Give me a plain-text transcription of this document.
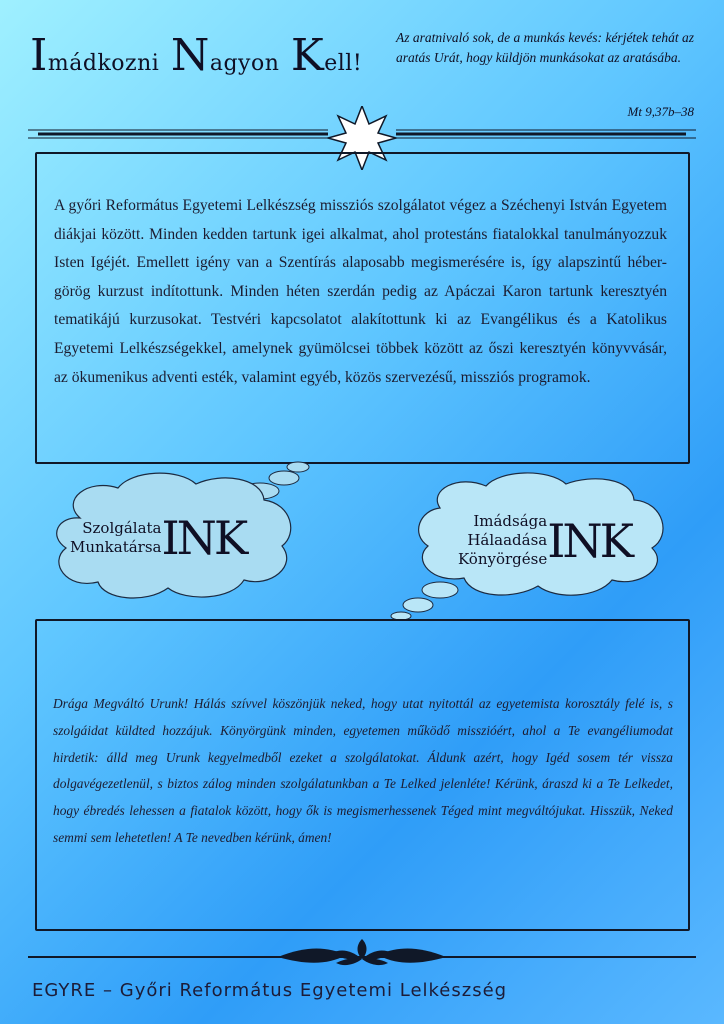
Imádkozni Nagyon Kell!
Az aratnivaló sok, de a munkás kevés: kérjétek tehát az aratás Urát, hogy küldjön munkásokat az aratásába.
Mt 9,37b–38

A győri Református Egyetemi Lelkészség missziós szolgálatot végez a Széchenyi István Egyetem diákjai között. Minden kedden tartunk igei alkalmat, ahol protestáns fiatalokkal tanulmányozzuk Isten Igéjét. Emellett igény van a Szentírás alaposabb megismerésére is, így alapszintű héber-görög kurzust indítottunk. Minden héten szerdán pedig az Apáczai Karon tartunk keresztyén tematikájú kurzusokat. Testvéri kapcsolatot alakítottunk ki az Evangélikus és a Katolikus Egyetemi Lelkészségekkel, amelynek gyümölcsei többek között az őszi keresztyén könyvvásár, az ökumenikus adventi esték, valamint egyéb, közös szervezésű, missziós programok.

Szolgálata
Munkatársa INK	Imádsága
Hálaadása
Könyörgése INK

Drága Megváltó Urunk! Hálás szívvel köszönjük neked, hogy utat nyitottál az egyetemista korosztály felé is, s szolgáidat küldted hozzájuk. Könyörgünk minden, egyetemen működő misszióért, ahol a Te evangéliumodat hirdetik: álld meg Urunk kegyelmedből ezeket a szolgálatokat. Áldunk azért, hogy Igéd sosem tér vissza dolgavégezetlenül, s biztos zálog minden szolgálatunkban a Te Lelked jelenléte! Kérünk, áraszd ki a Te Lelkedet, hogy ébredés lehessen a fiatalok között, hogy ők is megismerhessenek Téged mint megváltójukat. Hisszük, Neked semmi sem lehetetlen! A Te nevedben kérünk, ámen!

EGYRE – Győri Református Egyetemi Lelkészség
